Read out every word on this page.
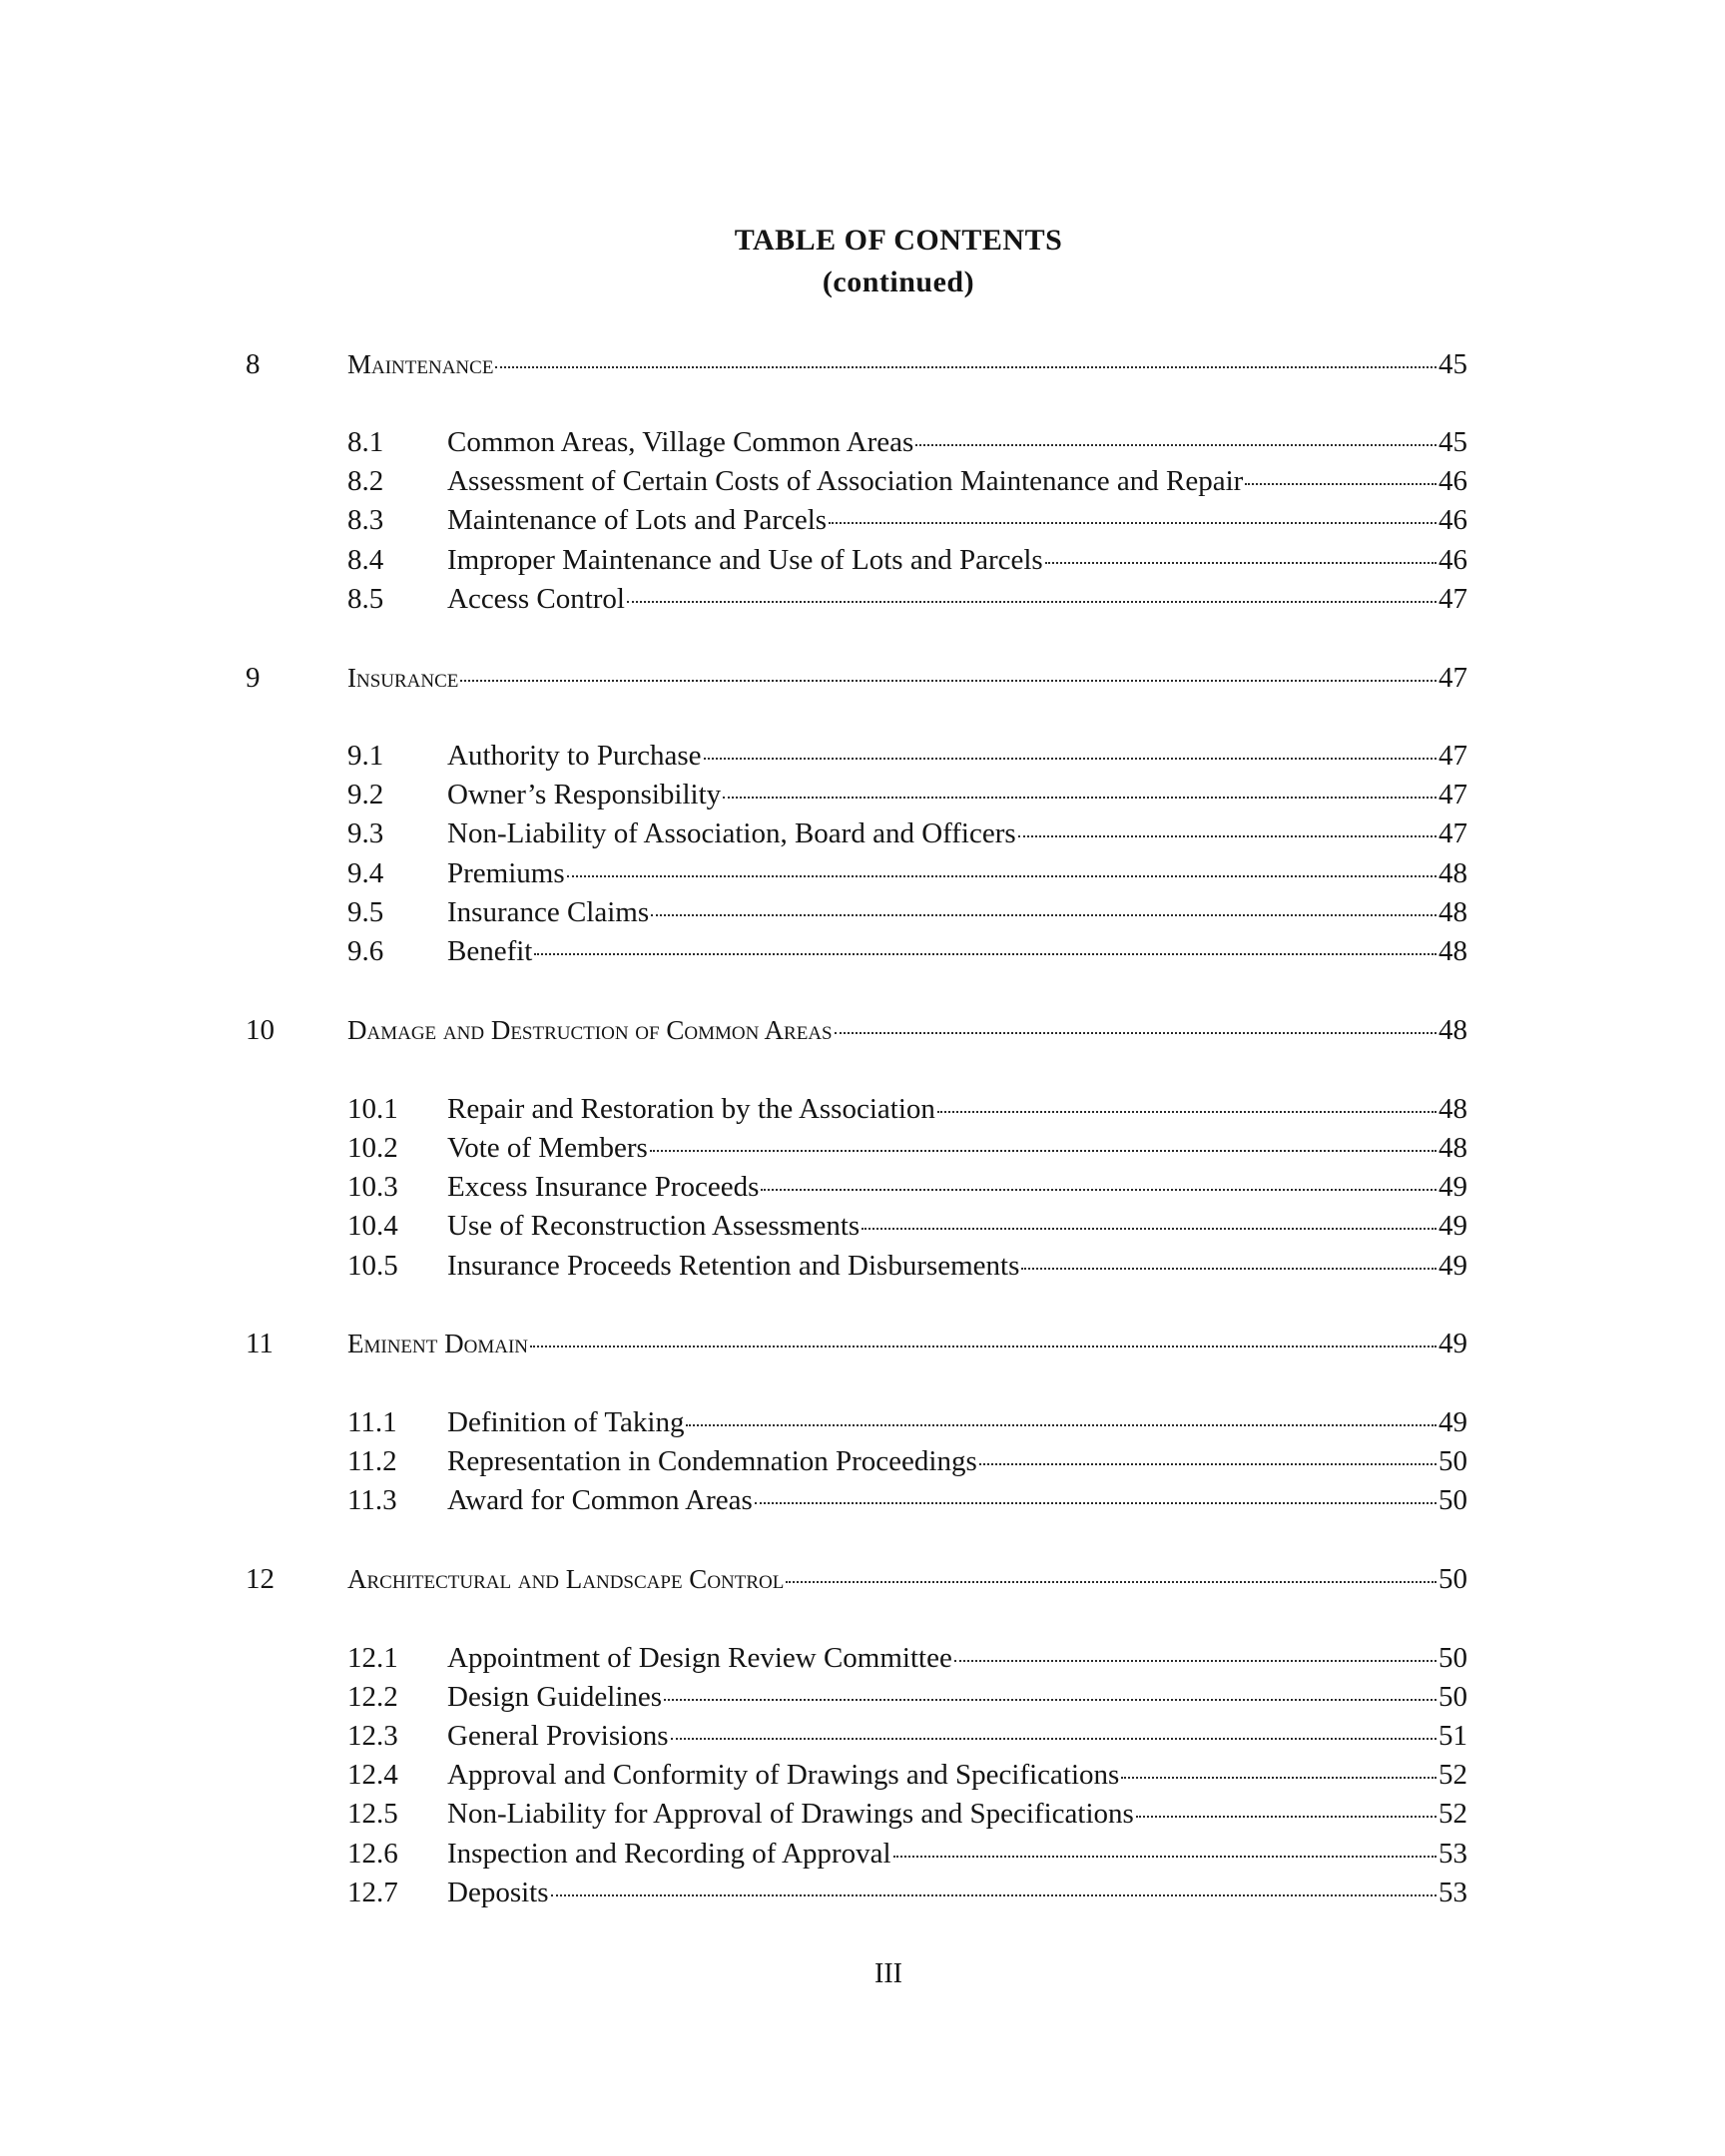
TABLE OF CONTENTS
(continued)
8	Maintenance	45
8.1 Common Areas, Village Common Areas	45
8.2 Assessment of Certain Costs of Association Maintenance and Repair	46
8.3 Maintenance of Lots and Parcels	46
8.4 Improper Maintenance and Use of Lots and Parcels	46
8.5 Access Control	47
9	Insurance	47
9.1 Authority to Purchase	47
9.2 Owner’s Responsibility	47
9.3 Non-Liability of Association, Board and Officers	47
9.4 Premiums	48
9.5 Insurance Claims	48
9.6 Benefit	48
10	Damage and Destruction of Common Areas	48
10.1 Repair and Restoration by the Association	48
10.2 Vote of Members	48
10.3 Excess Insurance Proceeds	49
10.4 Use of Reconstruction Assessments	49
10.5 Insurance Proceeds Retention and Disbursements	49
11	Eminent Domain	49
11.1 Definition of Taking	49
11.2 Representation in Condemnation Proceedings	50
11.3 Award for Common Areas	50
12	Architectural and Landscape Control	50
12.1 Appointment of Design Review Committee	50
12.2 Design Guidelines	50
12.3 General Provisions	51
12.4 Approval and Conformity of Drawings and Specifications	52
12.5 Non-Liability for Approval of Drawings and Specifications	52
12.6 Inspection and Recording of Approval	53
12.7 Deposits	53
III
